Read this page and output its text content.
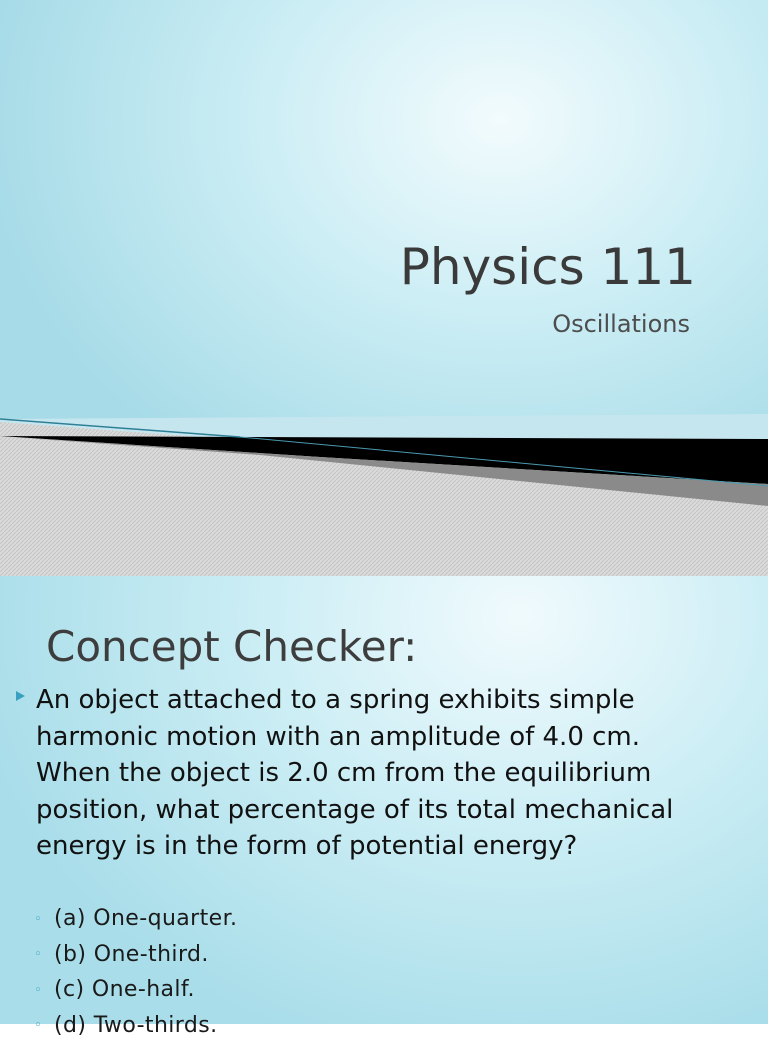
Physics 111

Oscillations

Concept Checker:

An object attached to a spring exhibits simple harmonic motion with an amplitude of 4.0 cm. When the object is 2.0 cm from the equilibrium position, what percentage of its total mechanical energy is in the form of potential energy?

◦ (a) One-quarter.
◦ (b) One-third.
◦ (c) One-half.
◦ (d) Two-thirds.
